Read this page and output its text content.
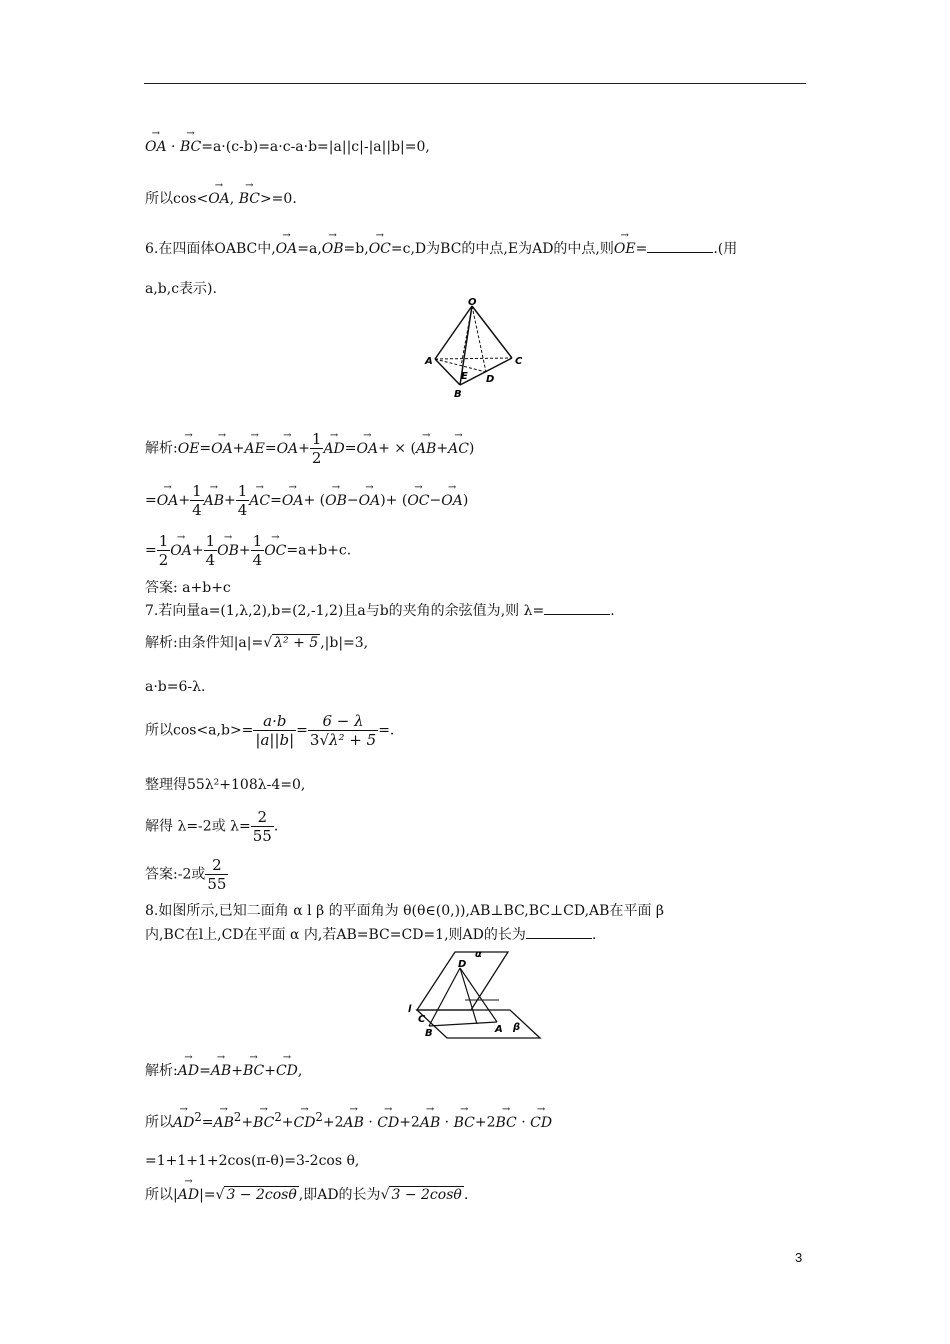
→ OA · → BC=a·(c-b)=a·c-a·b=|a||c|-|a||b|=0,
所以cos<→ OA, → BC>=0.
6.在四面体OABC中,→ OA=a,→ OB=b,→ OC=c,D为BC的中点,E为AD的中点,则→ OE=	.(用
a,b,c表示).
O
A
B
C
D
E
解析:→ $OE=\to OA+\to AE=\to OA+ \frac{1}{2}$
→ AD=→ OA+ × (→ AB+→ AC)
=→ $OA+ \frac{1}{4}$
→ $AB+ \frac{1}{4}$
→ AC=→ OA+ (→ OB−→ OA)+ (→ OC−→ OA)
= $\frac{1}{2}$
→ $OA+ \frac{1}{4}$
→ $OB+ \frac{1}{4}$
→ OC=a+b+c.
答案: a+b+c
7.若向量a=(1,λ,2),b=(2,-1,2)且a与b的夹角的余弦值为,则 λ=	.
解析:由条件知|a|=√ λ² + 5 ,|b|=3,
a·b=6-λ.
所以$\cos<a,b>= \frac{a\cdot b}{|a||b|} = \frac{6 - \lambda}{\text{3√λ² + 5}}$ =.
整理得55λ²+108λ-4=0,
解得 λ=-2或 $\lambda= \frac{2}{55}$ .
答案:-2或 $\frac{2}{55}$
8.如图所示,已知二面角 α l β 的平面角为 θ(θ∈(0,)),AB⊥BC,BC⊥CD,AB在平面 β
内,BC在l上,CD在平面 α 内,若AB=BC=CD=1,则AD的长为	.
α
D
l
C
B	A β
解析:→ AD=→ AB+→ BC+→ CD,
所以→ $AD^2=\to AB^2+\to BC^2+\to CD^2+2\to$ AB · → CD+2→ AB · → BC+2→ BC · → CD
=1+1+1+2cos(π-θ)=3-2cos θ,
所以|→ AD|=√ 3 − 2cosθ ,即AD的长为√ 3 − 2cosθ .
3
